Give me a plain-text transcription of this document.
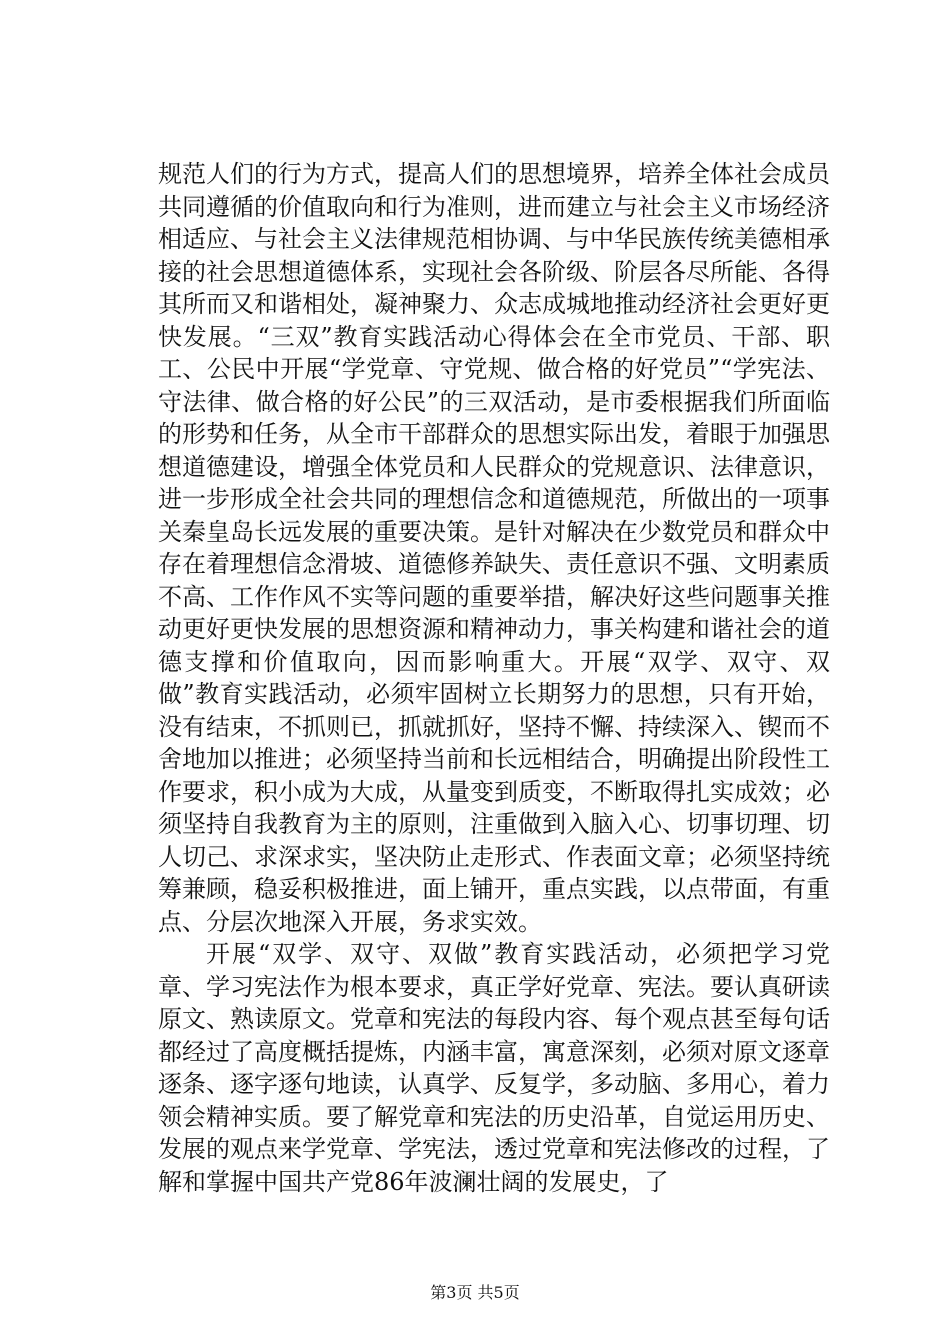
规范人们的行为方式，提高人们的思想境界，培养全体社会成员共同遵循的价值取向和行为准则，进而建立与社会主义市场经济相适应、与社会主义法律规范相协调、与中华民族传统美德相承接的社会思想道德体系，实现社会各阶级、阶层各尽所能、各得其所而又和谐相处，凝神聚力、众志成城地推动经济社会更好更快发展。“三双”教育实践活动心得体会在全市党员、干部、职工、公民中开展“学党章、守党规、做合格的好党员”“学宪法、守法律、做合格的好公民”的三双活动，是市委根据我们所面临的形势和任务，从全市干部群众的思想实际出发，着眼于加强思想道德建设，增强全体党员和人民群众的党规意识、法律意识，进一步形成全社会共同的理想信念和道德规范，所做出的一项事关秦皇岛长远发展的重要决策。是针对解决在少数党员和群众中存在着理想信念滑坡、道德修养缺失、责任意识不强、文明素质不高、工作作风不实等问题的重要举措，解决好这些问题事关推动更好更快发展的思想资源和精神动力，事关构建和谐社会的道德支撑和价值取向，因而影响重大。开展“双学、双守、双做”教育实践活动，必须牢固树立长期努力的思想，只有开始，没有结束，不抓则已，抓就抓好，坚持不懈、持续深入、锲而不舍地加以推进；必须坚持当前和长远相结合，明确提出阶段性工作要求，积小成为大成，从量变到质变，不断取得扎实成效；必须坚持自我教育为主的原则，注重做到入脑入心、切事切理、切人切己、求深求实，坚决防止走形式、作表面文章；必须坚持统筹兼顾，稳妥积极推进，面上铺开，重点实践，以点带面，有重点、分层次地深入开展，务求实效。

开展“双学、双守、双做”教育实践活动，必须把学习党章、学习宪法作为根本要求，真正学好党章、宪法。要认真研读原文、熟读原文。党章和宪法的每段内容、每个观点甚至每句话都经过了高度概括提炼，内涵丰富，寓意深刻，必须对原文逐章逐条、逐字逐句地读，认真学、反复学，多动脑、多用心，着力领会精神实质。要了解党章和宪法的历史沿革，自觉运用历史、发展的观点来学党章、学宪法，透过党章和宪法修改的过程，了解和掌握中国共产党86年波澜壮阔的发展史，了

第3页 共5页
